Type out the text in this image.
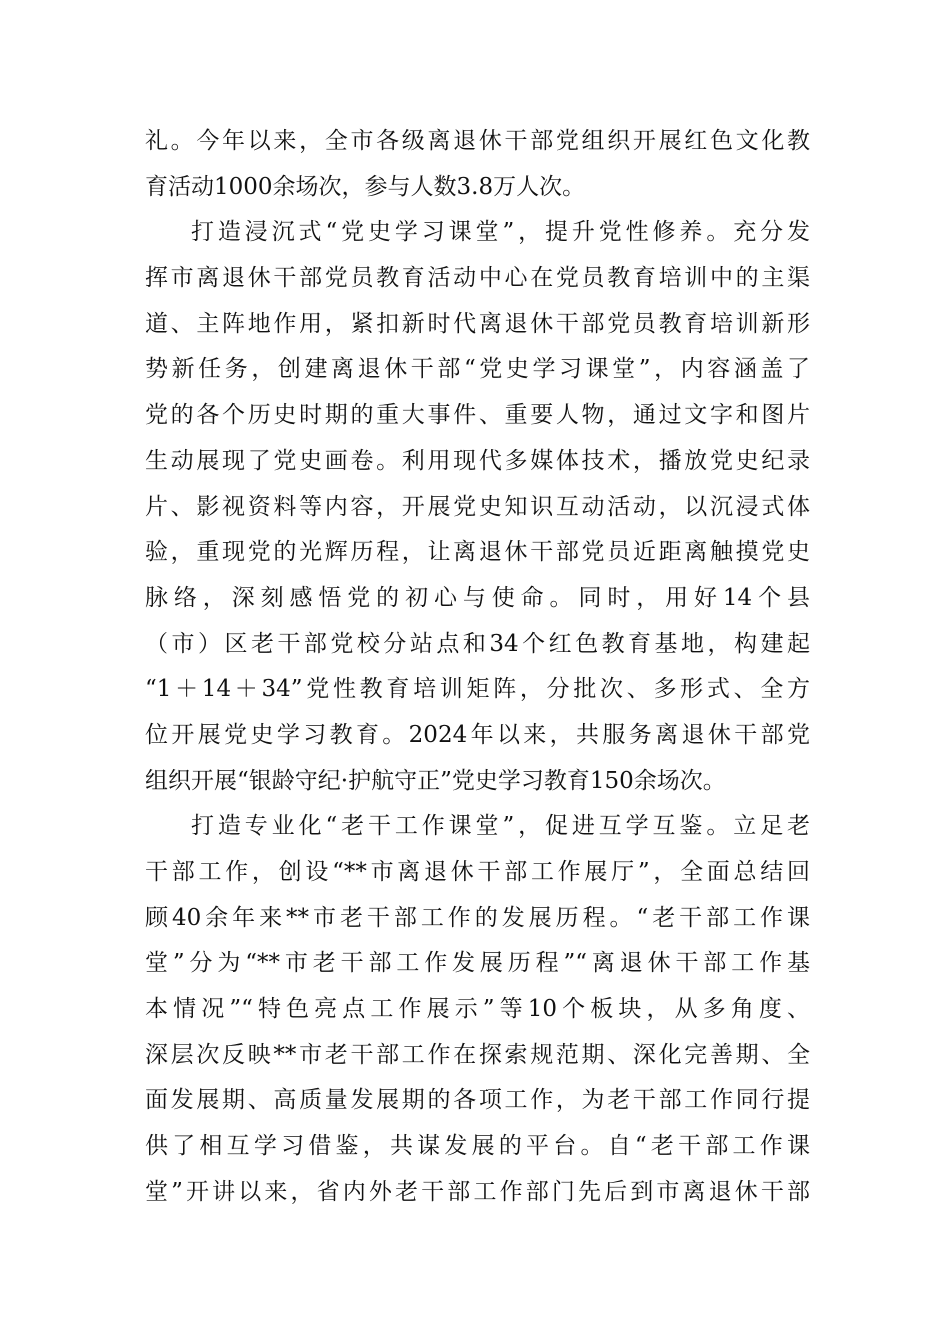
礼。今年以来，全市各级离退休干部党组织开展红色文化教
育活动1000余场次，参与人数3.8万人次。
打造浸沉式“党史学习课堂”，提升党性修养。充分发
挥市离退休干部党员教育活动中心在党员教育培训中的主渠
道、主阵地作用，紧扣新时代离退休干部党员教育培训新形
势新任务，创建离退休干部“党史学习课堂”，内容涵盖了
党的各个历史时期的重大事件、重要人物，通过文字和图片
生动展现了党史画卷。利用现代多媒体技术，播放党史纪录
片、影视资料等内容，开展党史知识互动活动，以沉浸式体
验，重现党的光辉历程，让离退休干部党员近距离触摸党史
脉络，深刻感悟党的初心与使命。同时，用好14个县
（市）区老干部党校分站点和34个红色教育基地，构建起
“1＋14＋34”党性教育培训矩阵，分批次、多形式、全方
位开展党史学习教育。2024年以来，共服务离退休干部党
组织开展“银龄守纪·护航守正”党史学习教育150余场次。
打造专业化“老干工作课堂”，促进互学互鉴。立足老
干部工作，创设“**市离退休干部工作展厅”，全面总结回
顾40余年来**市老干部工作的发展历程。“老干部工作课
堂”分为“**市老干部工作发展历程”“离退休干部工作基
本情况”“特色亮点工作展示”等10个板块，从多角度、
深层次反映**市老干部工作在探索规范期、深化完善期、全
面发展期、高质量发展期的各项工作，为老干部工作同行提
供了相互学习借鉴，共谋发展的平台。自“老干部工作课
堂”开讲以来，省内外老干部工作部门先后到市离退休干部
